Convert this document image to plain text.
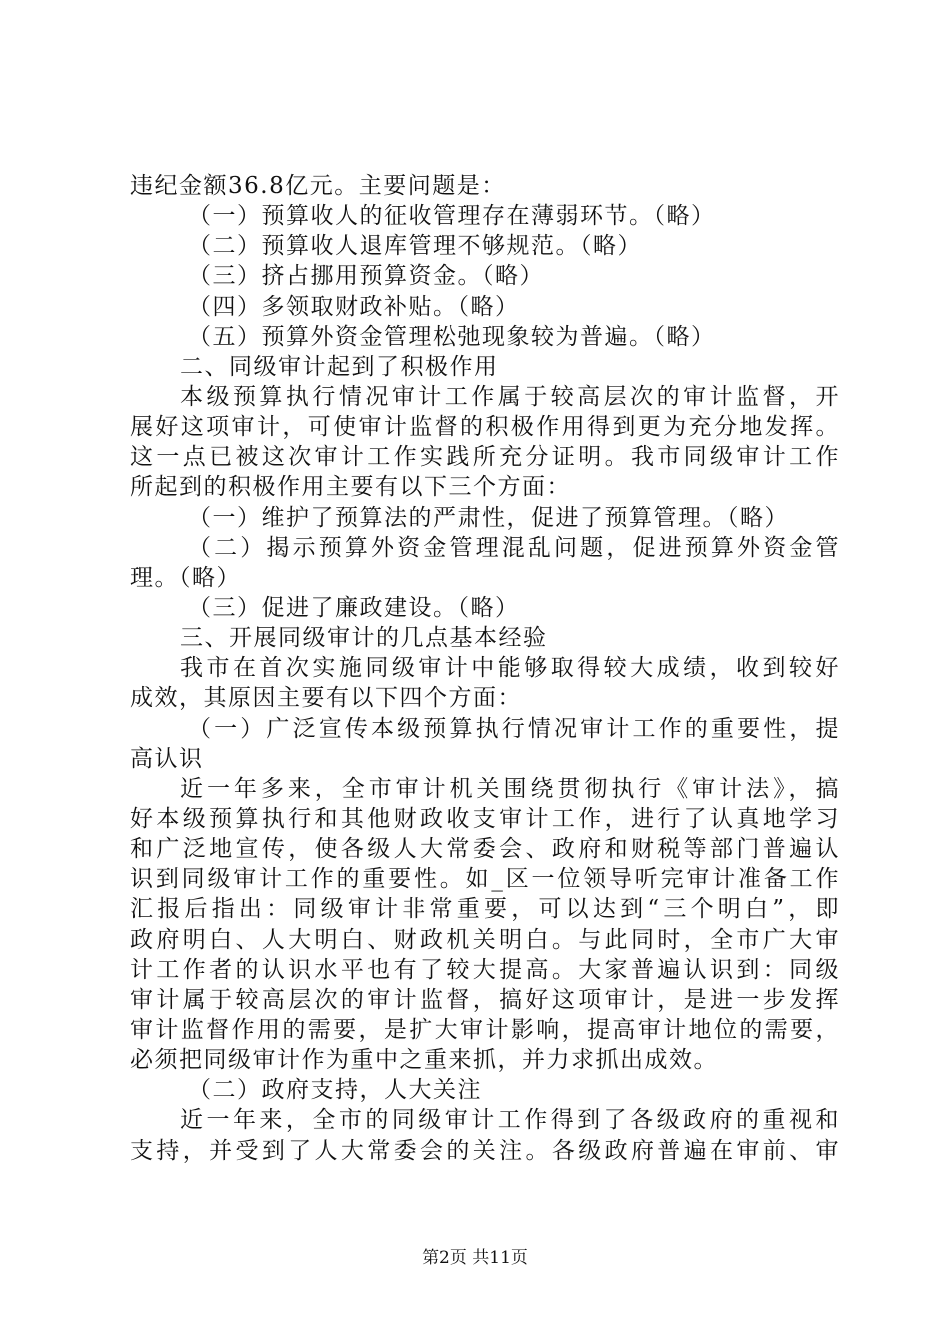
违纪金额36.8亿元。主要问题是：
（一）预算收人的征收管理存在薄弱环节。（略）
（二）预算收人退库管理不够规范。（略）
（三）挤占挪用预算资金。（略）
（四）多领取财政补贴。（略）
（五）预算外资金管理松弛现象较为普遍。（略）
二、同级审计起到了积极作用
本级预算执行情况审计工作属于较高层次的审计监督，开
展好这项审计，可使审计监督的积极作用得到更为充分地发挥。
这一点已被这次审计工作实践所充分证明。我市同级审计工作
所起到的积极作用主要有以下三个方面：
（一）维护了预算法的严肃性，促进了预算管理。（略）
（二）揭示预算外资金管理混乱问题，促进预算外资金管
理。（略）
（三）促进了廉政建设。（略）
三、开展同级审计的几点基本经验
我市在首次实施同级审计中能够取得较大成绩，收到较好
成效，其原因主要有以下四个方面：
（一）广泛宣传本级预算执行情况审计工作的重要性，提
高认识
近一年多来，全市审计机关围绕贯彻执行《审计法》，搞
好本级预算执行和其他财政收支审计工作，进行了认真地学习
和广泛地宣传，使各级人大常委会、政府和财税等部门普遍认
识到同级审计工作的重要性。如_区一位领导听完审计准备工作
汇报后指出：同级审计非常重要，可以达到“三个明白”，即
政府明白、人大明白、财政机关明白。与此同时，全市广大审
计工作者的认识水平也有了较大提高。大家普遍认识到：同级
审计属于较高层次的审计监督，搞好这项审计，是进一步发挥
审计监督作用的需要，是扩大审计影响，提高审计地位的需要，
必须把同级审计作为重中之重来抓，并力求抓出成效。
（二）政府支持，人大关注
近一年来，全市的同级审计工作得到了各级政府的重视和
支持，并受到了人大常委会的关注。各级政府普遍在审前、审
第2页 共11页
